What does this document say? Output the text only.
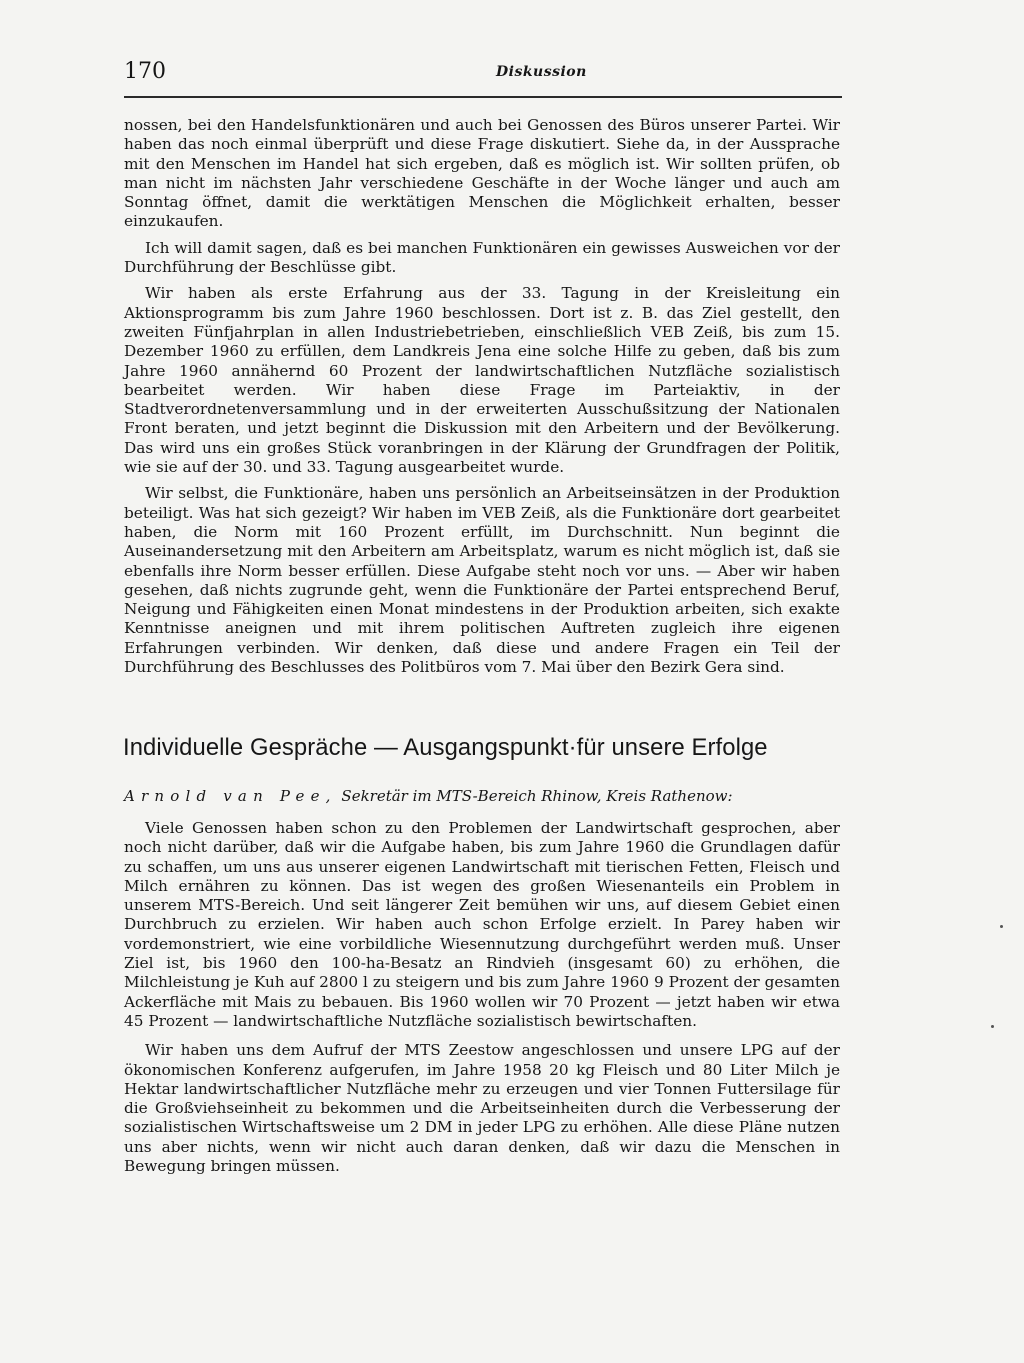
170	Diskussion

nossen, bei den Handelsfunktionären und auch bei Genossen des Büros unserer Partei. Wir haben das noch einmal überprüft und diese Frage diskutiert. Siehe da, in der Aussprache mit den Menschen im Handel hat sich ergeben, daß es möglich ist. Wir sollten prüfen, ob man nicht im nächsten Jahr verschiedene Geschäfte in der Woche länger und auch am Sonntag öffnet, damit die werktätigen Menschen die Möglichkeit erhalten, besser einzukaufen.

Ich will damit sagen, daß es bei manchen Funktionären ein gewisses Ausweichen vor der Durchführung der Beschlüsse gibt.

Wir haben als erste Erfahrung aus der 33. Tagung in der Kreisleitung ein Aktionsprogramm bis zum Jahre 1960 beschlossen. Dort ist z. B. das Ziel gestellt, den zweiten Fünfjahrplan in allen Industriebetrieben, einschließlich VEB Zeiß, bis zum 15. Dezember 1960 zu erfüllen, dem Landkreis Jena eine solche Hilfe zu geben, daß bis zum Jahre 1960 annähernd 60 Prozent der landwirtschaftlichen Nutzfläche sozialistisch bearbeitet werden. Wir haben diese Frage im Parteiaktiv, in der Stadtverordnetenversammlung und in der erweiterten Ausschußsitzung der Nationalen Front beraten, und jetzt beginnt die Diskussion mit den Arbeitern und der Bevölkerung. Das wird uns ein großes Stück voranbringen in der Klärung der Grundfragen der Politik, wie sie auf der 30. und 33. Tagung ausgearbeitet wurde.

Wir selbst, die Funktionäre, haben uns persönlich an Arbeitseinsätzen in der Produktion beteiligt. Was hat sich gezeigt? Wir haben im VEB Zeiß, als die Funktionäre dort gearbeitet haben, die Norm mit 160 Prozent erfüllt, im Durchschnitt. Nun beginnt die Auseinandersetzung mit den Arbeitern am Arbeitsplatz, warum es nicht möglich ist, daß sie ebenfalls ihre Norm besser erfüllen. Diese Aufgabe steht noch vor uns. — Aber wir haben gesehen, daß nichts zugrunde geht, wenn die Funktionäre der Partei entsprechend Beruf, Neigung und Fähigkeiten einen Monat mindestens in der Produktion arbeiten, sich exakte Kenntnisse aneignen und mit ihrem politischen Auftreten zugleich ihre eigenen Erfahrungen verbinden. Wir denken, daß diese und andere Fragen ein Teil der Durchführung des Beschlusses des Politbüros vom 7. Mai über den Bezirk Gera sind.

Individuelle Gespräche — Ausgangspunkt·für unsere Erfolge
Arnold van Pee, Sekretär im MTS-Bereich Rhinow, Kreis Rathenow:

Viele Genossen haben schon zu den Problemen der Landwirtschaft gesprochen, aber noch nicht darüber, daß wir die Aufgabe haben, bis zum Jahre 1960 die Grundlagen dafür zu schaffen, um uns aus unserer eigenen Landwirtschaft mit tierischen Fetten, Fleisch und Milch ernähren zu können. Das ist wegen des großen Wiesenanteils ein Problem in unserem MTS-Bereich. Und seit längerer Zeit bemühen wir uns, auf diesem Gebiet einen Durchbruch zu erzielen. Wir haben auch schon Erfolge erzielt. In Parey haben wir vordemonstriert, wie eine vorbildliche Wiesennutzung durchgeführt werden muß. Unser Ziel ist, bis 1960 den 100-ha-Besatz an Rindvieh (insgesamt 60) zu erhöhen, die Milchleistung je Kuh auf 2800 l zu steigern und bis zum Jahre 1960 9 Prozent der gesamten Ackerfläche mit Mais zu bebauen. Bis 1960 wollen wir 70 Prozent — jetzt haben wir etwa 45 Prozent — landwirtschaftliche Nutzfläche sozialistisch bewirtschaften.

Wir haben uns dem Aufruf der MTS Zeestow angeschlossen und unsere LPG auf der ökonomischen Konferenz aufgerufen, im Jahre 1958 20 kg Fleisch und 80 Liter Milch je Hektar landwirtschaftlicher Nutzfläche mehr zu erzeugen und vier Tonnen Futtersilage für die Großviehseinheit zu bekommen und die Arbeitseinheiten durch die Verbesserung der sozialistischen Wirtschaftsweise um 2 DM in jeder LPG zu erhöhen. Alle diese Pläne nutzen uns aber nichts, wenn wir nicht auch daran denken, daß wir dazu die Menschen in Bewegung bringen müssen.
